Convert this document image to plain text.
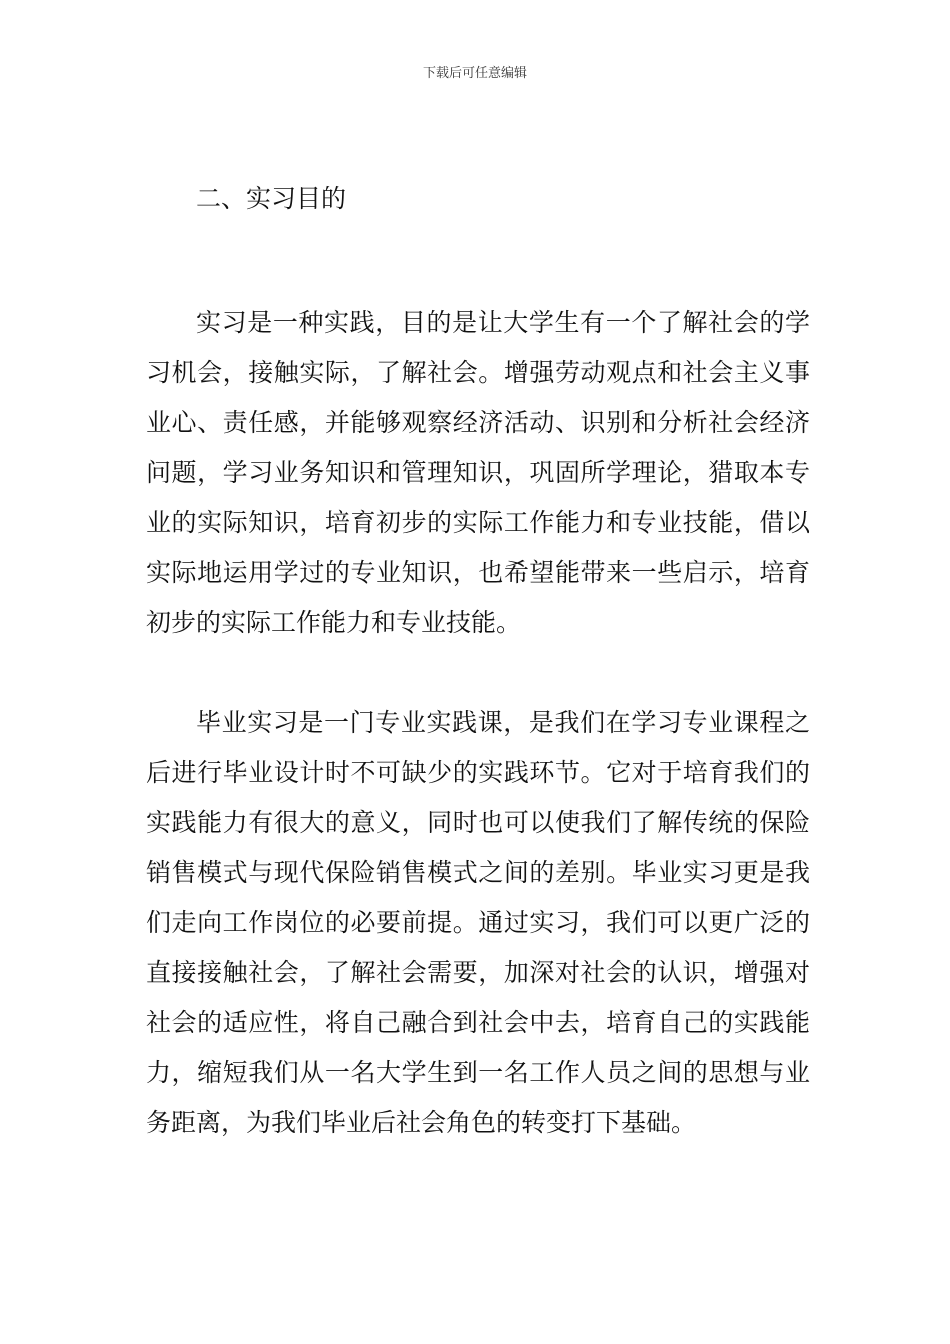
下载后可任意编辑
二、实习目的

实习是一种实践，目的是让大学生有一个了解社会的学习机会，接触实际，了解社会。增强劳动观点和社会主义事业心、责任感，并能够观察经济活动、识别和分析社会经济问题，学习业务知识和管理知识，巩固所学理论，猎取本专业的实际知识，培育初步的实际工作能力和专业技能，借以实际地运用学过的专业知识，也希望能带来一些启示，培育初步的实际工作能力和专业技能。

毕业实习是一门专业实践课，是我们在学习专业课程之后进行毕业设计时不可缺少的实践环节。它对于培育我们的实践能力有很大的意义，同时也可以使我们了解传统的保险销售模式与现代保险销售模式之间的差别。毕业实习更是我们走向工作岗位的必要前提。通过实习，我们可以更广泛的直接接触社会，了解社会需要，加深对社会的认识，增强对社会的适应性，将自己融合到社会中去，培育自己的实践能力，缩短我们从一名大学生到一名工作人员之间的思想与业务距离，为我们毕业后社会角色的转变打下基础。
